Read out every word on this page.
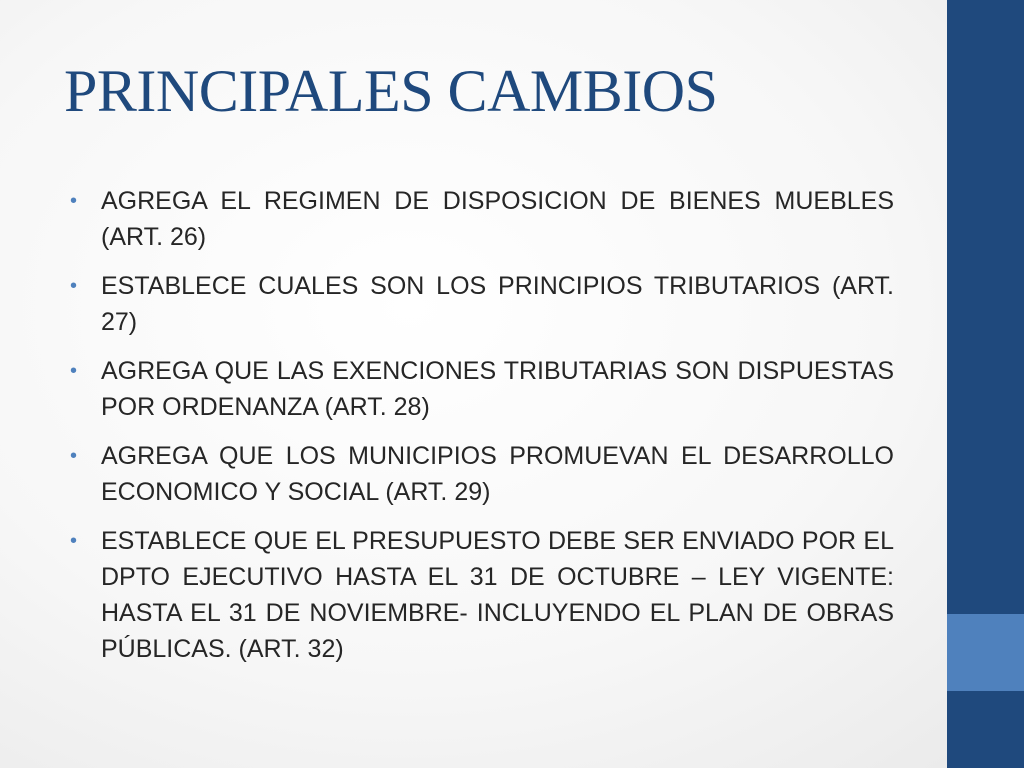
PRINCIPALES CAMBIOS
• AGREGA EL REGIMEN DE DISPOSICION DE BIENES MUEBLES (ART. 26)
• ESTABLECE CUALES SON LOS PRINCIPIOS TRIBUTARIOS (ART. 27)
• AGREGA QUE LAS EXENCIONES TRIBUTARIAS SON DISPUESTAS POR ORDENANZA (ART. 28)
• AGREGA QUE LOS MUNICIPIOS PROMUEVAN EL DESARROLLO ECONOMICO Y SOCIAL (ART. 29)
• ESTABLECE QUE EL PRESUPUESTO DEBE SER ENVIADO POR EL DPTO EJECUTIVO HASTA EL 31 DE OCTUBRE – LEY VIGENTE: HASTA EL 31 DE NOVIEMBRE- INCLUYENDO EL PLAN DE OBRAS PÚBLICAS. (ART. 32)
